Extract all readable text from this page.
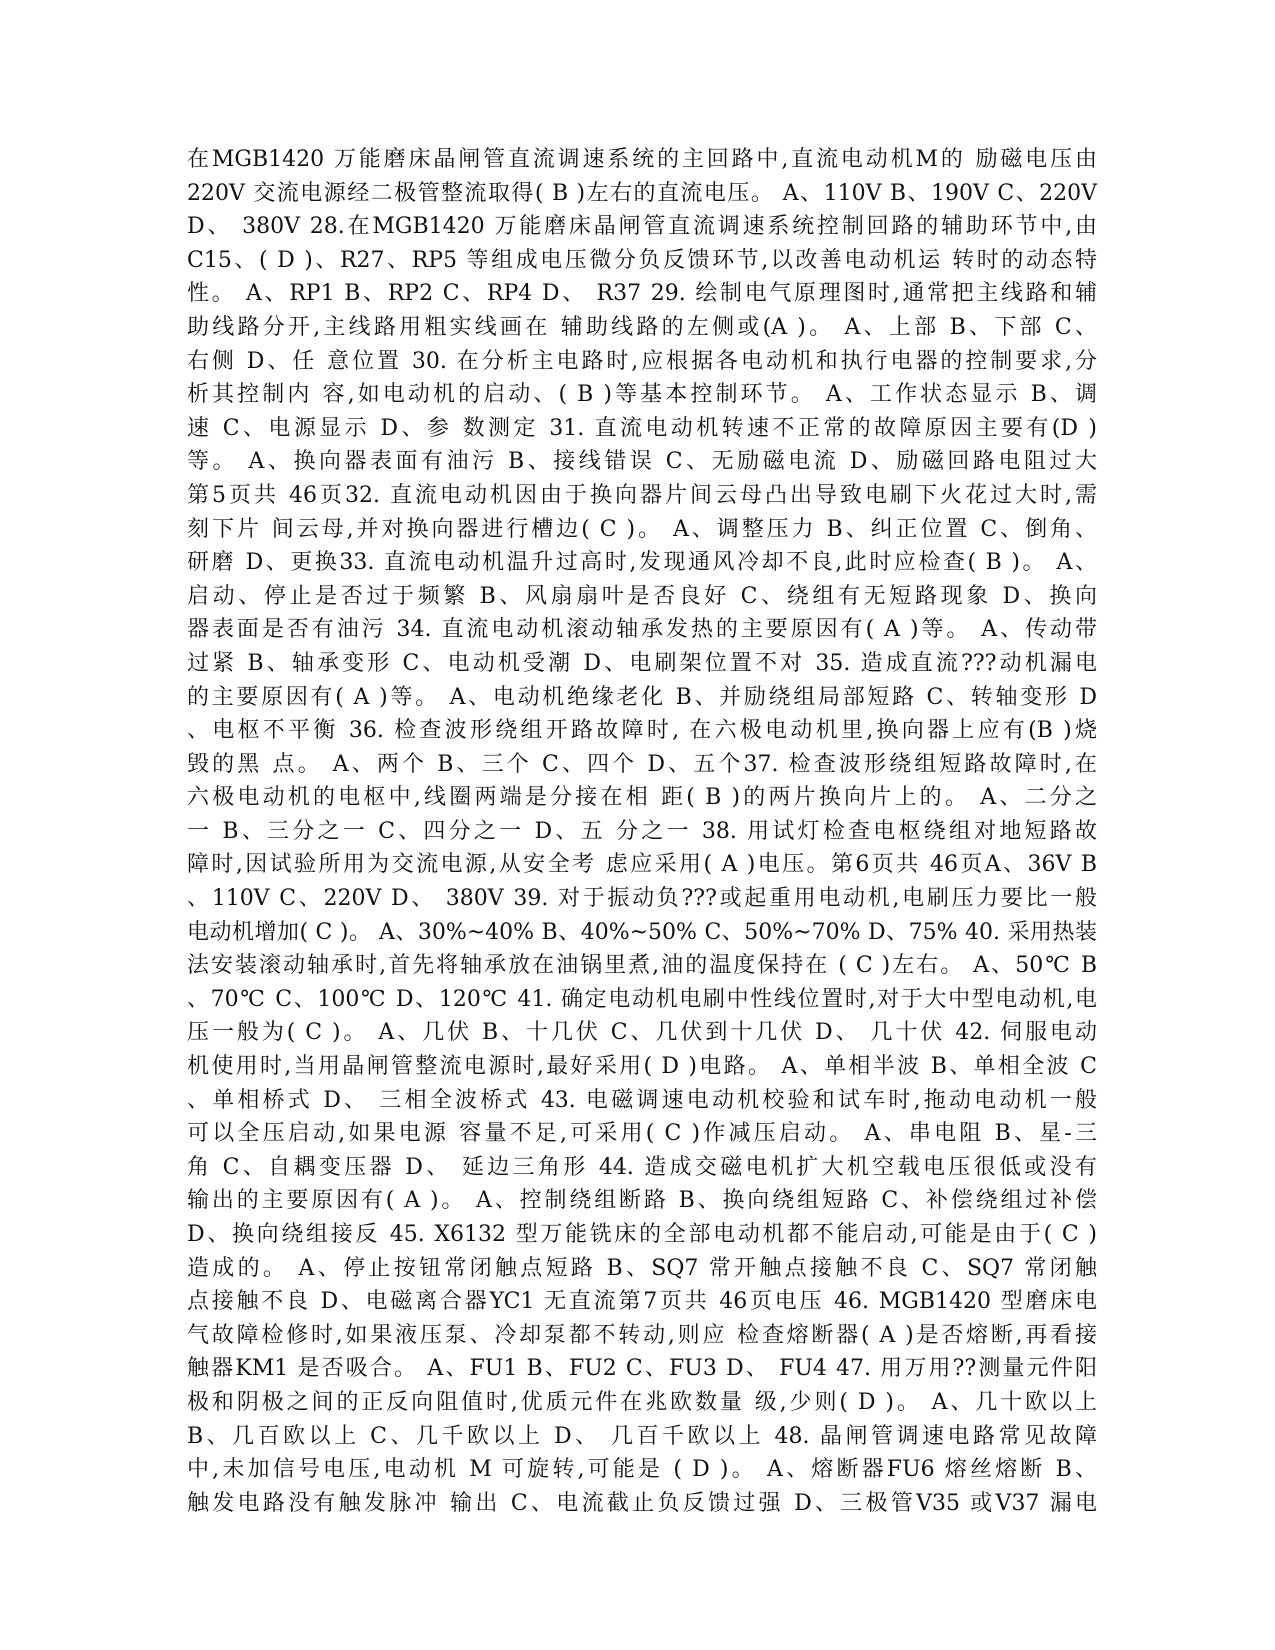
在MGB1420 万能磨床晶闸管直流调速系统的主回路中,直流电动机M的 励磁电压由
220V 交流电源经二极管整流取得( B )左右的直流电压。 A、110V B、190V C、220V
D、 380V 28.在MGB1420 万能磨床晶闸管直流调速系统控制回路的辅助环节中,由
C15、( D )、R27、RP5 等组成电压微分负反馈环节,以改善电动机运 转时的动态特
性。 A、RP1 B、RP2 C、RP4 D、 R37 29. 绘制电气原理图时,通常把主线路和辅
助线路分开,主线路用粗实线画在 辅助线路的左侧或(A )。 A、上部 B、下部 C、
右侧 D、任 意位置 30. 在分析主电路时,应根据各电动机和执行电器的控制要求,分
析其控制内 容,如电动机的启动、( B )等基本控制环节。 A、工作状态显示 B、调
速 C、电源显示 D、参 数测定 31. 直流电动机转速不正常的故障原因主要有(D )
等。 A、换向器表面有油污 B、接线错误 C、无励磁电流 D、励磁回路电阻过大
第5页共 46页32. 直流电动机因由于换向器片间云母凸出导致电刷下火花过大时,需
刻下片 间云母,并对换向器进行槽边( C )。 A、调整压力 B、纠正位置 C、倒角、
研磨 D、更换33. 直流电动机温升过高时,发现通风冷却不良,此时应检查( B )。 A、
启动、停止是否过于频繁 B、风扇扇叶是否良好 C、绕组有无短路现象 D、换向
器表面是否有油污 34. 直流电动机滚动轴承发热的主要原因有( A )等。 A、传动带
过紧 B、轴承变形 C、电动机受潮 D、电刷架位置不对 35. 造成直流???动机漏电
的主要原因有( A )等。 A、电动机绝缘老化 B、并励绕组局部短路 C、转轴变形 D
、电枢不平衡 36. 检查波形绕组开路故障时, 在六极电动机里,换向器上应有(B )烧
毁的黑 点。 A、两个 B、三个 C、四个 D、五个37. 检查波形绕组短路故障时,在
六极电动机的电枢中,线圈两端是分接在相 距( B )的两片换向片上的。 A、二分之
一 B、三分之一 C、四分之一 D、五 分之一 38. 用试灯检查电枢绕组对地短路故
障时,因试验所用为交流电源,从安全考 虑应采用( A )电压。第6页共 46页A、36V B
、110V C、220V D、 380V 39. 对于振动负???或起重用电动机,电刷压力要比一般
电动机增加( C )。 A、30%~40% B、40%~50% C、50%~70% D、75% 40. 采用热装
法安装滚动轴承时,首先将轴承放在油锅里煮,油的温度保持在 ( C )左右。 A、50℃ B
、70℃ C、100℃ D、120℃ 41. 确定电动机电刷中性线位置时,对于大中型电动机,电
压一般为( C )。 A、几伏 B、十几伏 C、几伏到十几伏 D、 几十伏 42. 伺服电动
机使用时,当用晶闸管整流电源时,最好采用( D )电路。 A、单相半波 B、单相全波 C
、单相桥式 D、 三相全波桥式 43. 电磁调速电动机校验和试车时,拖动电动机一般
可以全压启动,如果电源 容量不足,可采用( C )作减压启动。 A、串电阻 B、星-三
角 C、自耦变压器 D、 延边三角形 44. 造成交磁电机扩大机空载电压很低或没有
输出的主要原因有( A )。 A、控制绕组断路 B、换向绕组短路 C、补偿绕组过补偿
D、换向绕组接反 45. X6132 型万能铣床的全部电动机都不能启动,可能是由于( C )
造成的。 A、停止按钮常闭触点短路 B、SQ7 常开触点接触不良 C、SQ7 常闭触
点接触不良 D、电磁离合器YC1 无直流第7页共 46页电压 46. MGB1420 型磨床电
气故障检修时,如果液压泵、冷却泵都不转动,则应 检查熔断器( A )是否熔断,再看接
触器KM1 是否吸合。 A、FU1 B、FU2 C、FU3 D、 FU4 47. 用万用??测量元件阳
极和阴极之间的正反向阻值时,优质元件在兆欧数量 级,少则( D )。 A、几十欧以上
B、几百欧以上 C、几千欧以上 D、 几百千欧以上 48. 晶闸管调速电路常见故障
中,未加信号电压,电动机 M 可旋转,可能是 ( D )。 A、熔断器FU6 熔丝熔断 B、
触发电路没有触发脉冲 输出 C、电流截止负反馈过强 D、三极管V35 或V37 漏电
